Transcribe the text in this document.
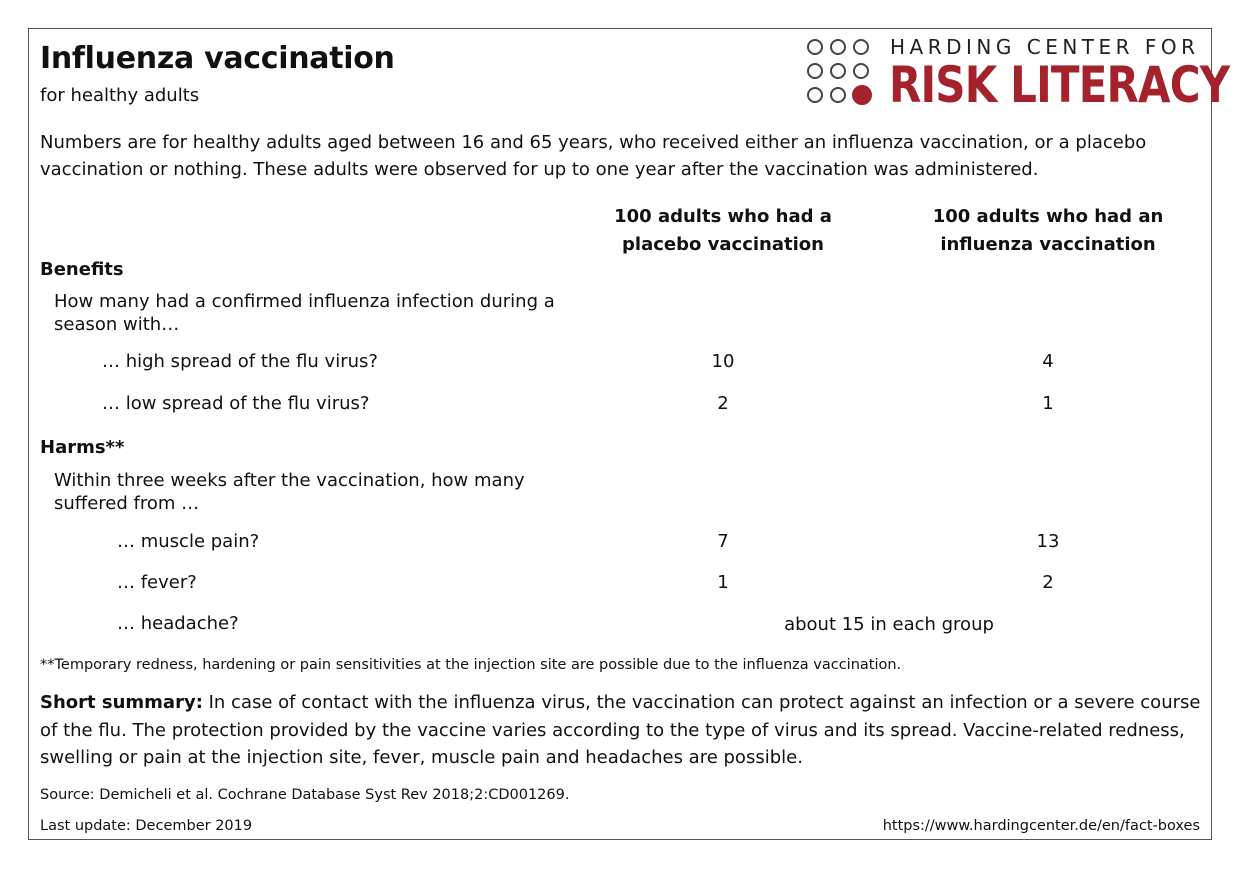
Influenza vaccination
for healthy adults
HARDING CENTER FOR
RISK LITERACY
Numbers are for healthy adults aged between 16 and 65 years, who received either an influenza vaccination, or a placebo vaccination or nothing. These adults were observed for up to one year after the vaccination was administered.
100 adults who had a placebo vaccination
100 adults who had an influenza vaccination
Benefits
How many had a confirmed influenza infection during a season with…
… high spread of the flu virus?	10	4
… low spread of the flu virus?	2	1
Harms**
Within three weeks after the vaccination, how many suffered from …
… muscle pain?	7	13
… fever?	1	2
… headache?	about 15 in each group
**Temporary redness, hardening or pain sensitivities at the injection site are possible due to the influenza vaccination.
Short summary: In case of contact with the influenza virus, the vaccination can protect against an infection or a severe course of the flu. The protection provided by the vaccine varies according to the type of virus and its spread. Vaccine-related redness, swelling or pain at the injection site, fever, muscle pain and headaches are possible.
Source: Demicheli et al. Cochrane Database Syst Rev 2018;2:CD001269.
Last update: December 2019	https://www.hardingcenter.de/en/fact-boxes
